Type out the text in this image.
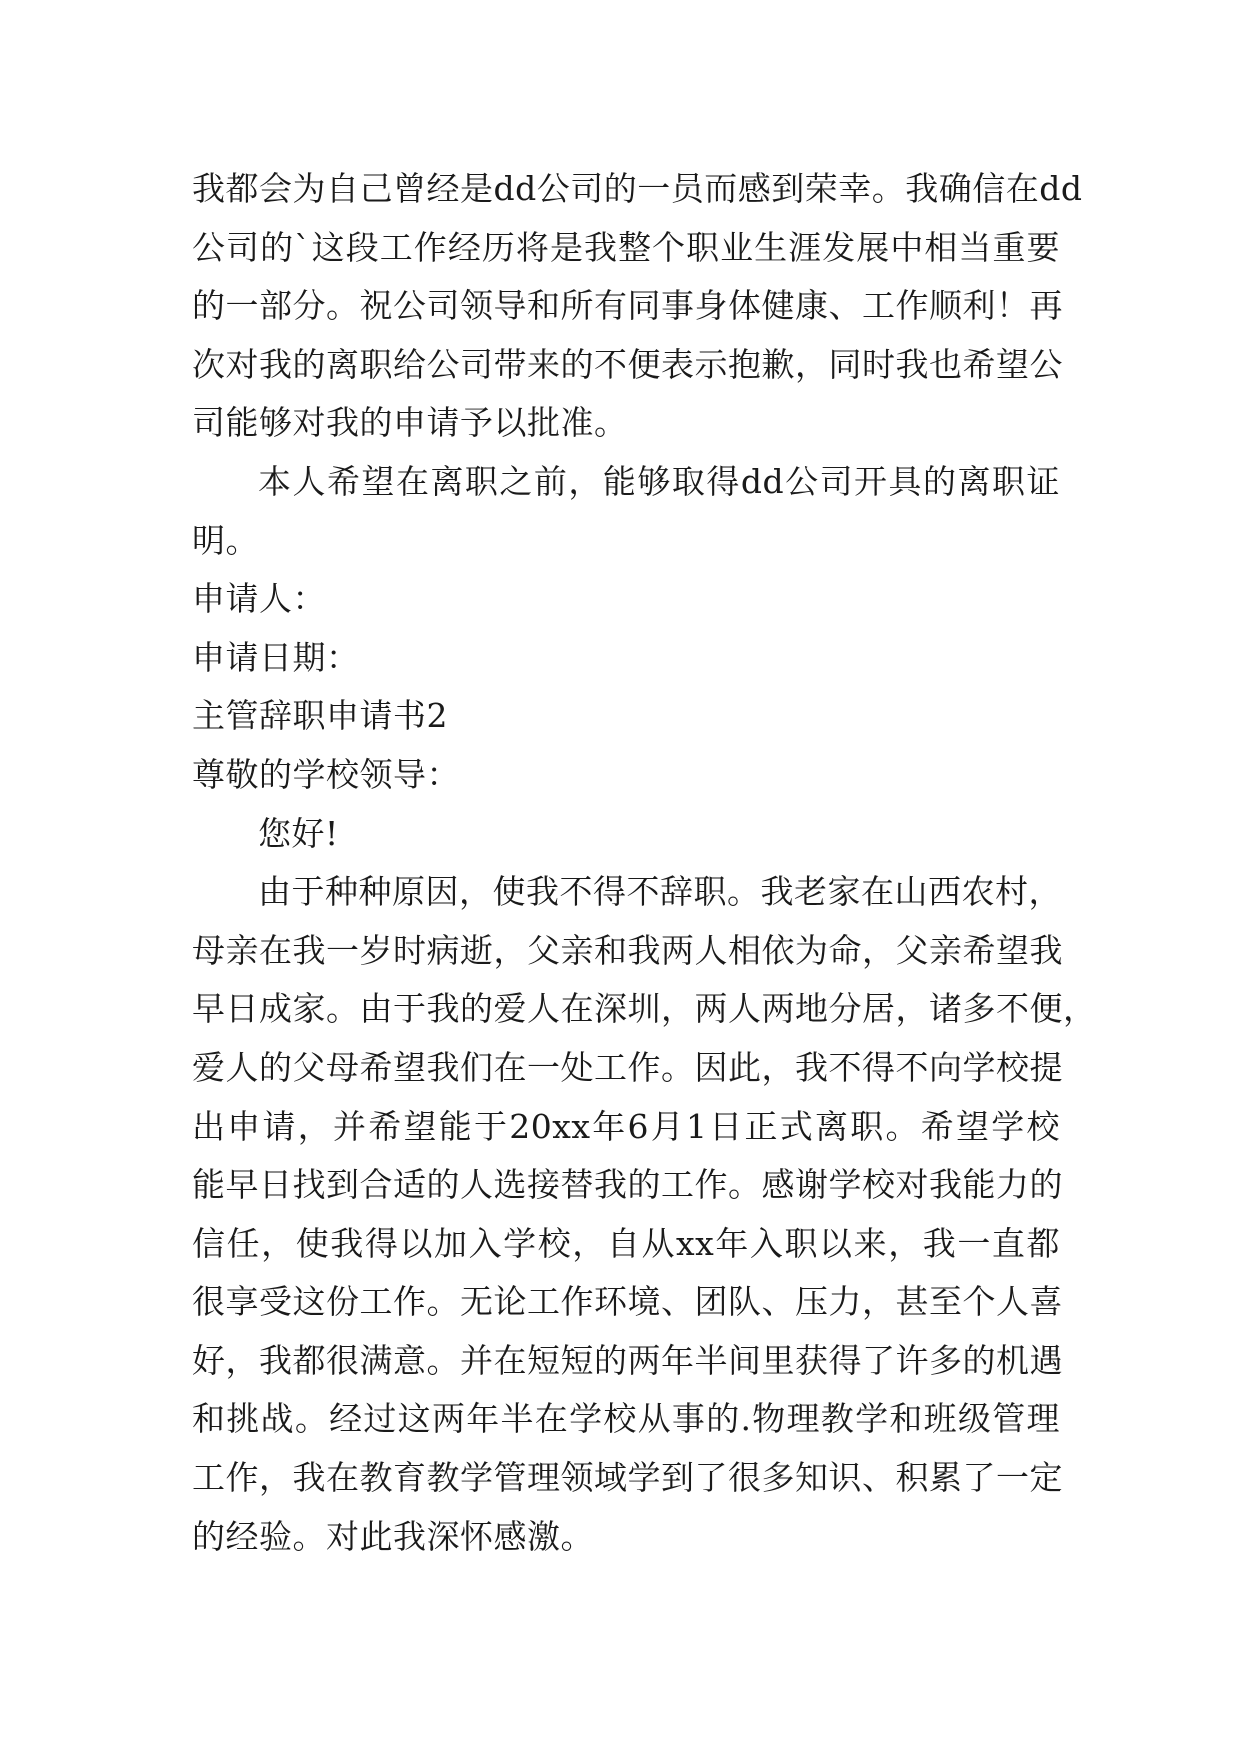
我都会为自己曾经是dd公司的一员而感到荣幸。我确信在dd
公司的`这段工作经历将是我整个职业生涯发展中相当重要
的一部分。祝公司领导和所有同事身体健康、工作顺利！再
次对我的离职给公司带来的不便表示抱歉，同时我也希望公
司能够对我的申请予以批准。
本人希望在离职之前，能够取得dd公司开具的离职证
明。
申请人：
申请日期：
主管辞职申请书2
尊敬的学校领导：
您好!
由于种种原因，使我不得不辞职。我老家在山西农村，
母亲在我一岁时病逝，父亲和我两人相依为命，父亲希望我
早日成家。由于我的爱人在深圳，两人两地分居，诸多不便，
爱人的父母希望我们在一处工作。因此，我不得不向学校提
出申请，并希望能于20xx年6月1日正式离职。希望学校
能早日找到合适的人选接替我的工作。感谢学校对我能力的
信任，使我得以加入学校，自从xx年入职以来，我一直都
很享受这份工作。无论工作环境、团队、压力，甚至个人喜
好，我都很满意。并在短短的两年半间里获得了许多的机遇
和挑战。经过这两年半在学校从事的.物理教学和班级管理
工作，我在教育教学管理领域学到了很多知识、积累了一定
的经验。对此我深怀感激。
